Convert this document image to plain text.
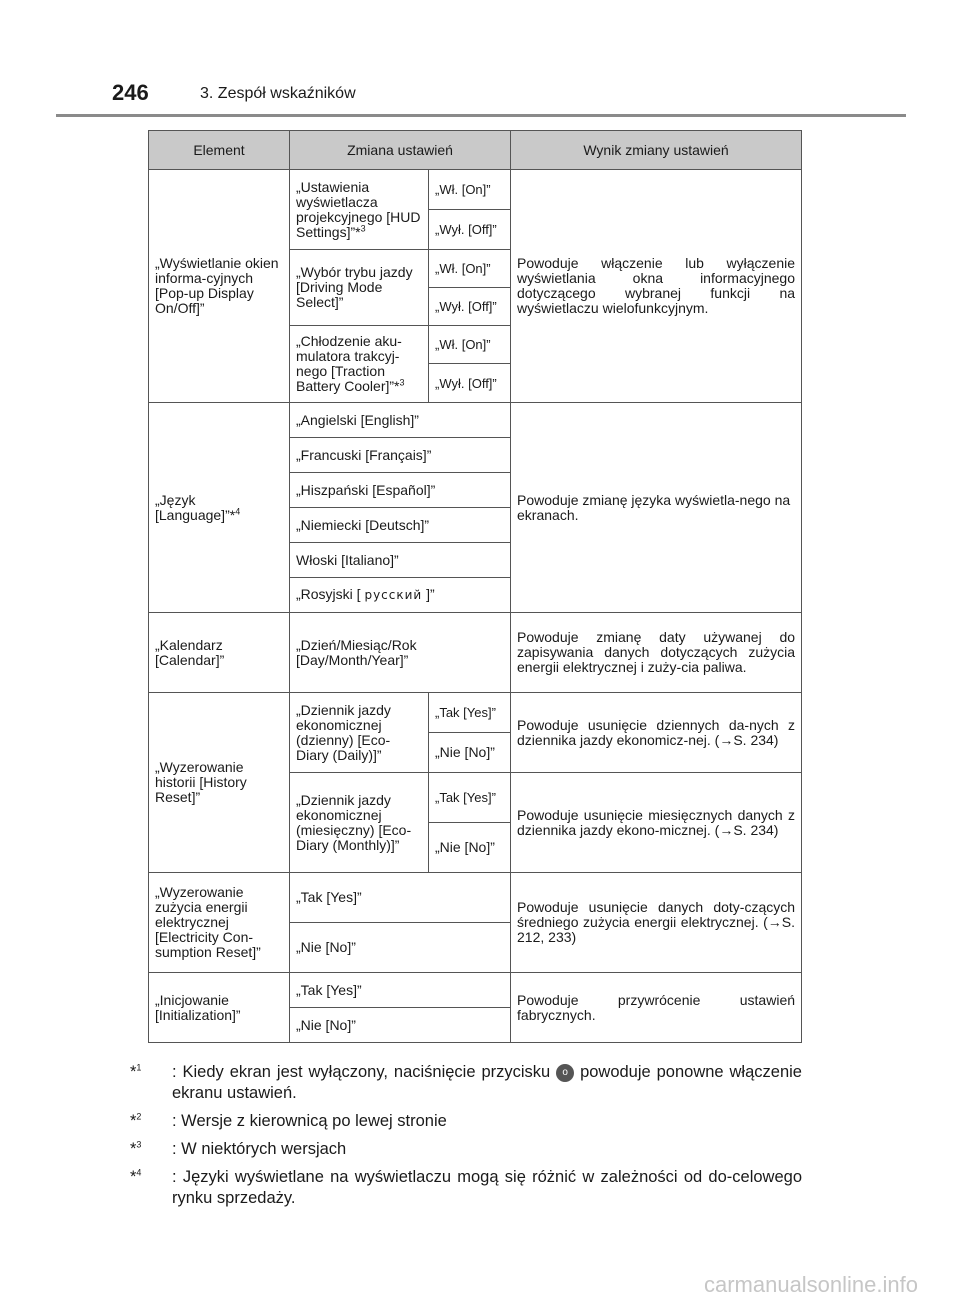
246	3. Zespół wskaźników
Element	Zmiana ustawień		Wynik zmiany ustawień
„Wyświetlanie okien informa-cyjnych [Pop-up Display On/Off]”	„Ustawienia wyświetlacza projekcyjnego [HUD Settings]”*$^3$	„Wł. [On]”	Powoduje włączenie lub wyłączenie wyświetlania okna informacyjnego dotyczącego wybranej funkcji na wyświetlaczu wielofunkcyjnym.
		„Wył. [Off]”	
	„Wybór trybu jazdy [Driving Mode Select]”	„Wł. [On]”	
		„Wył. [Off]”	
	„Chłodzenie aku-mulatora trakcyj-nego [Traction Battery Cooler]”*$^3$	„Wł. [On]”	
		„Wył. [Off]”	
„Język [Language]”*$^4$	„Angielski [English]”		Powoduje zmianę języka wyświetla-nego na ekranach.
	„Francuski [Français]”		
	„Hiszpański [Español]”		
	„Niemiecki [Deutsch]”		
	Włoski [Italiano]”		
	„Rosyjski [ русский ]”		
„Kalendarz [Calendar]”	„Dzień/Miesiąc/Rok [Day/Month/Year]”		Powoduje zmianę daty używanej do zapisywania danych dotyczących zużycia energii elektrycznej i zuży-cia paliwa.
„Wyzerowanie historii [History Reset]”	„Dziennik jazdy ekonomicznej (dzienny) [Eco-Diary (Daily)]”	„Tak [Yes]”	Powoduje usunięcie dziennych da-nych z dziennika jazdy ekonomicz-nej. (→S. 234)
		„Nie [No]”	
	„Dziennik jazdy ekonomicznej (miesięczny) [Eco-Diary (Monthly)]”	„Tak [Yes]”	Powoduje usunięcie miesięcznych danych z dziennika jazdy ekono-micznej. (→S. 234)
		„Nie [No]”	
„Wyzerowanie zużycia energii elektrycznej [Electricity Con-sumption Reset]”	„Tak [Yes]”		Powoduje usunięcie danych doty-czących średniego zużycia energii elektrycznej. (→S. 212, 233)
	„Nie [No]”		
„Inicjowanie [Initialization]”	„Tak [Yes]”		Powoduje przywrócenie ustawień fabrycznych.
	„Nie [No]”		
*$^1$ : Kiedy ekran jest wyłączony, naciśnięcie przycisku o powoduje ponowne włączenie ekranu ustawień.
*$^2$ : Wersje z kierownicą po lewej stronie
*$^3$ : W niektórych wersjach
*$^4$ : Języki wyświetlane na wyświetlaczu mogą się różnić w zależności od do-celowego rynku sprzedaży.
carmanualsonline.info
